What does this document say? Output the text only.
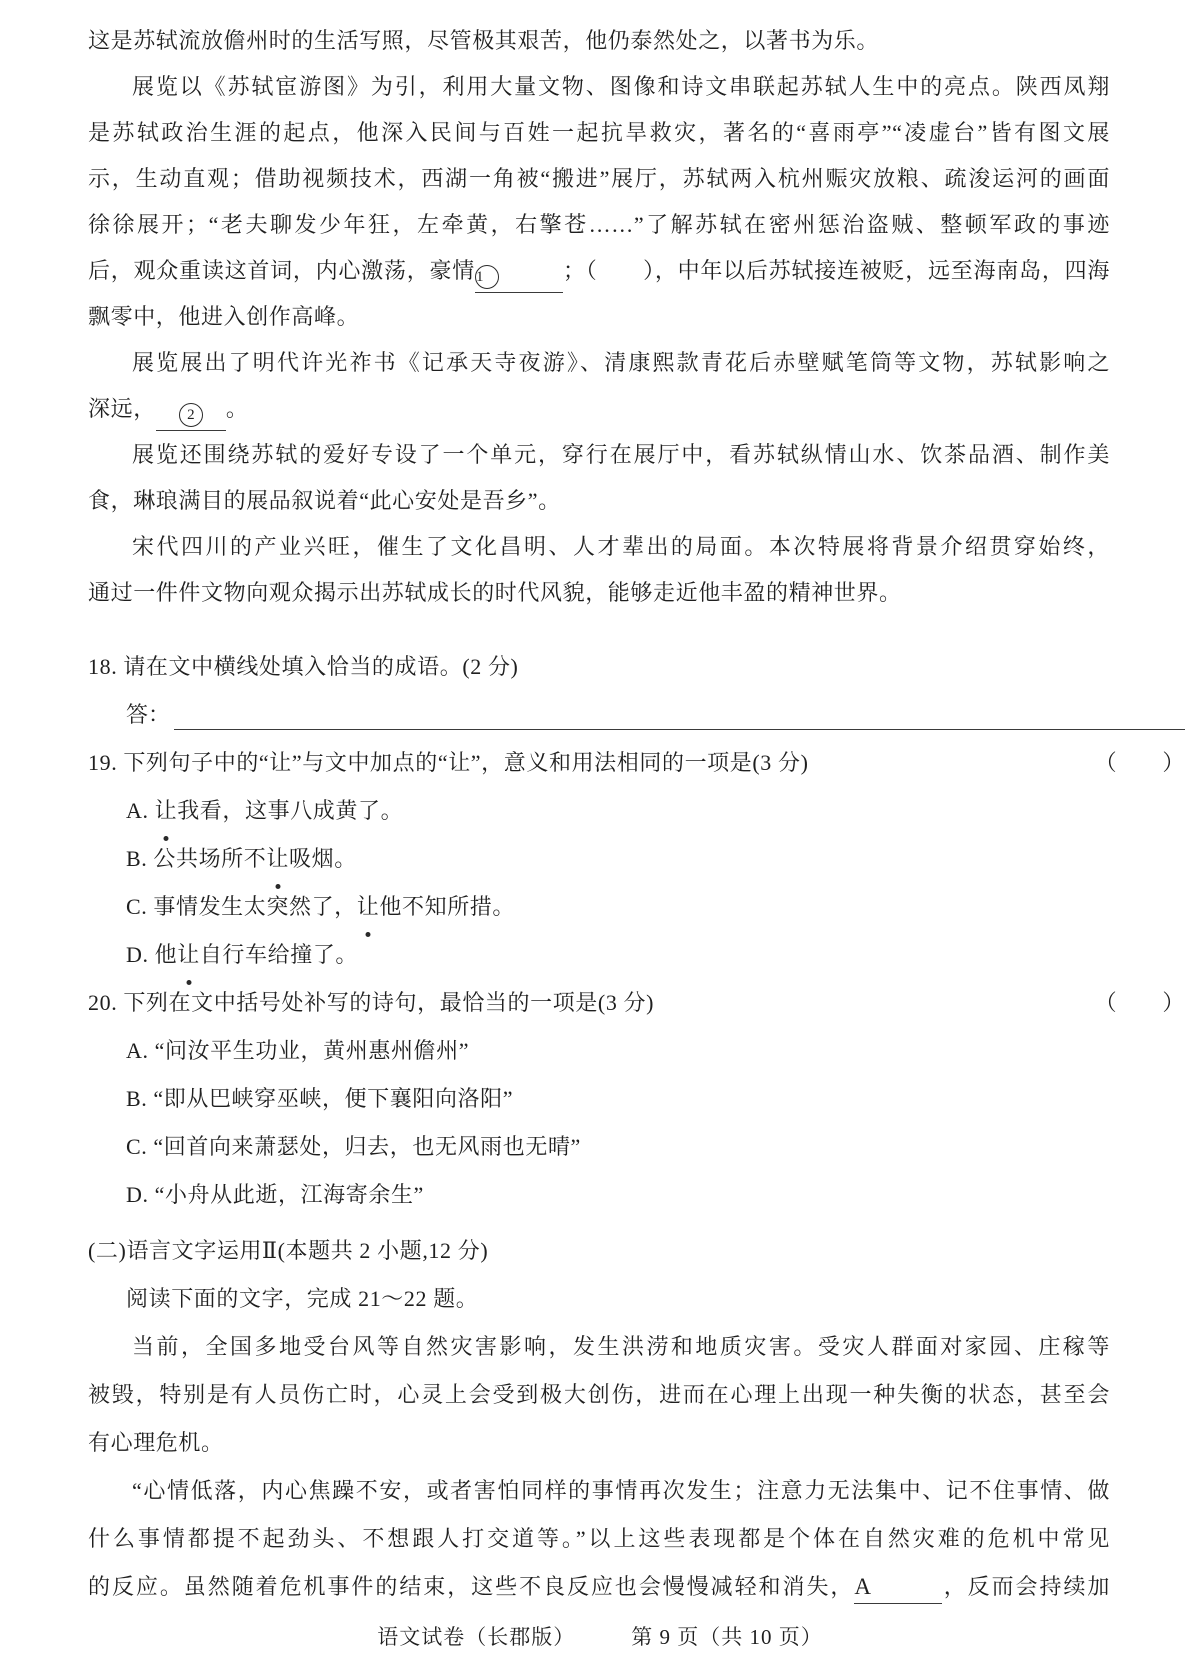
这是苏轼流放儋州时的生活写照，尽管极其艰苦，他仍泰然处之，以著书为乐。
展览以《苏轼宦游图》为引，利用大量文物、图像和诗文串联起苏轼人生中的亮点。陕西凤翔
是苏轼政治生涯的起点，他深入民间与百姓一起抗旱救灾，著名的“喜雨亭”“凌虚台”皆有图文展
示，生动直观；借助视频技术，西湖一角被“搬进”展厅，苏轼两入杭州赈灾放粮、疏浚运河的画面
徐徐展开；“老夫聊发少年狂，左牵黄，右擎苍……”了解苏轼在密州惩治盗贼、整顿军政的事迹
后，观众重读这首词，内心激荡，豪情1	；（　　），中年以后苏轼接连被贬，远至海南岛，四海
飘零中，他进入创作高峰。
展览展出了明代许光祚书《记承天寺夜游》、清康熙款青花后赤壁赋笔筒等文物，苏轼影响之
深远， 2 。
展览还围绕苏轼的爱好专设了一个单元，穿行在展厅中，看苏轼纵情山水、饮茶品酒、制作美
食，琳琅满目的展品叙说着“此心安处是吾乡”。
宋代四川的产业兴旺，催生了文化昌明、人才辈出的局面。本次特展将背景介绍贯穿始终，
通过一件件文物向观众揭示出苏轼成长的时代风貌，能够走近他丰盈的精神世界。
18. 请在文中横线处填入恰当的成语。(2 分)
答：
19. 下列句子中的“让”与文中加点的“让”，意义和用法相同的一项是(3 分)	（　　）
A. 让我看，这事八成黄了。
B. 公共场所不让吸烟。
C. 事情发生太突然了，让他不知所措。
D. 他让自行车给撞了。
20. 下列在文中括号处补写的诗句，最恰当的一项是(3 分)	（　　）
A. “问汝平生功业，黄州惠州儋州”
B. “即从巴峡穿巫峡，便下襄阳向洛阳”
C. “回首向来萧瑟处，归去，也无风雨也无晴”
D. “小舟从此逝，江海寄余生”
(二)语言文字运用Ⅱ(本题共 2 小题,12 分)
阅读下面的文字，完成 21～22 题。
当前，全国多地受台风等自然灾害影响，发生洪涝和地质灾害。受灾人群面对家园、庄稼等
被毁，特别是有人员伤亡时，心灵上会受到极大创伤，进而在心理上出现一种失衡的状态，甚至会
有心理危机。
“心情低落，内心焦躁不安，或者害怕同样的事情再次发生；注意力无法集中、记不住事情、做
什么事情都提不起劲头、不想跟人打交道等。”以上这些表现都是个体在自然灾难的危机中常见
的反应。虽然随着危机事件的结束，这些不良反应也会慢慢减轻和消失，A	，反而会持续加
语文试卷（长郡版）	第 9 页（共 10 页）
